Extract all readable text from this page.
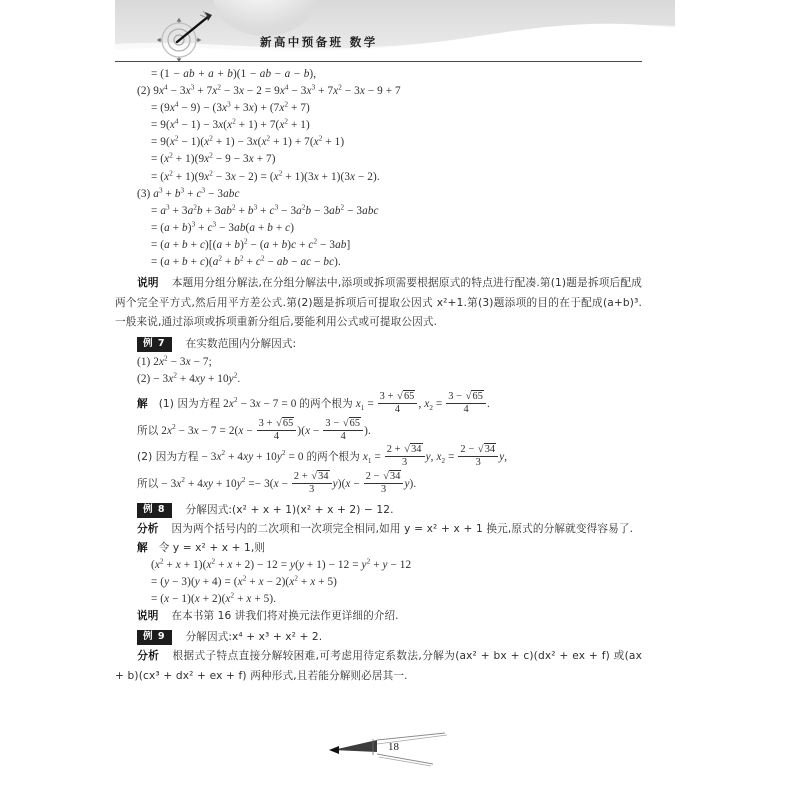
新高中预备班 数学
= (1 − ab + a + b)(1 − ab − a − b),
(2) $9x^4 - 3x^3 + 7x^2 - 3x - 2 = 9x^4 - 3x^3 + 7x^2 - 3x - 9 + 7$
= $(9x^4 - 9) - (3x^3 + 3x) + (7x^2 + 7)$
= $9(x^4 - 1) - 3x(x^2 + 1) + 7(x^2 + 1)$
= $9(x^2 - 1)(x^2 + 1) - 3x(x^2 + 1) + 7(x^2 + 1)$
= $(x^2 + 1)(9x^2 - 9 - 3x + 7)$
= $(x^2 + 1)(9x^2 - 3x - 2) = (x^2 + 1)(3x + 1)(3x - 2)$.
(3) $a^3 + b^3 + c^3 - 3abc$
= $a^3 + 3a^2b + 3ab^2 + b^3 + c^3 - 3a^2b - 3ab^2 - 3abc$
= $(a + b)^3 + c^3 - 3ab(a + b + c)$
= $(a + b + c)[(a + b)^2 - (a + b)c + c^2 - 3ab]$
= $(a + b + c)(a^2 + b^2 + c^2$ − ab − ac − bc).
说明 本题用分组分解法,在分组分解法中,添项或拆项需要根据原式的特点进行配凑.第(1)题是拆项后配成两个完全平方式,然后用平方差公式.第(2)题是拆项后可提取公因式 x²+1.第(3)题添项的目的在于配成(a+b)³.一般来说,通过添项或拆项重新分组后,要能利用公式或可提取公因式.
例 7 在实数范围内分解因式:
(1) $2x^2 - 3x - 7$;
$(2) - 3x^2 + 4xy + 10y^2$.
解 (1) 因为方程 $2x^2 - 3x - 7 = 0$ 的两个根为 $x_1 = \frac{3 + √65}{4}$ , $x_2 = \frac{3 - √65}{4}$ .
所以 $2x^2 - 3x - 7 = 2(x - \frac{3 + √65}{4} )(x - \frac{3 - √65}{4}$ ).
(2) 因为方程 − $3x^2 + 4xy + 10y^2 = 0$ 的两个根为 $x_1 = \frac{2 + √34}{3} y$, $x_2 = \frac{2 - √34}{3} y$,
所以 − $3x^2 + 4xy + 10y^2 =- 3(x - \frac{2 + √34}{3} y)(x - \frac{2 - √34}{3} y)$.
例 8 分解因式:(x² + x + 1)(x² + x + 2) − 12.
分析 因为两个括号内的二次项和一次项完全相同,如用 y = x² + x + 1 换元,原式的分解就变得容易了.
解 令 y = x² + x + 1,则
$(x^2 + x + 1)(x^2 + x + 2) - 12 = y(y + 1) - 12 = y^2 + y - 12$
= $(y - 3)(y + 4) = (x^2 + x - 2)(x^2 + x + 5)$
= $(x - 1)(x + 2)(x^2 + x + 5)$.
说明 在本书第 16 讲我们将对换元法作更详细的介绍.
例 9 分解因式:x⁴ + x³ + x² + 2.
分析 根据式子特点直接分解较困难,可考虑用待定系数法,分解为(ax² + bx + c)(dx² + ex + f) 或(ax + b)(cx³ + dx² + ex + f) 两种形式,且若能分解则必居其一.
18
